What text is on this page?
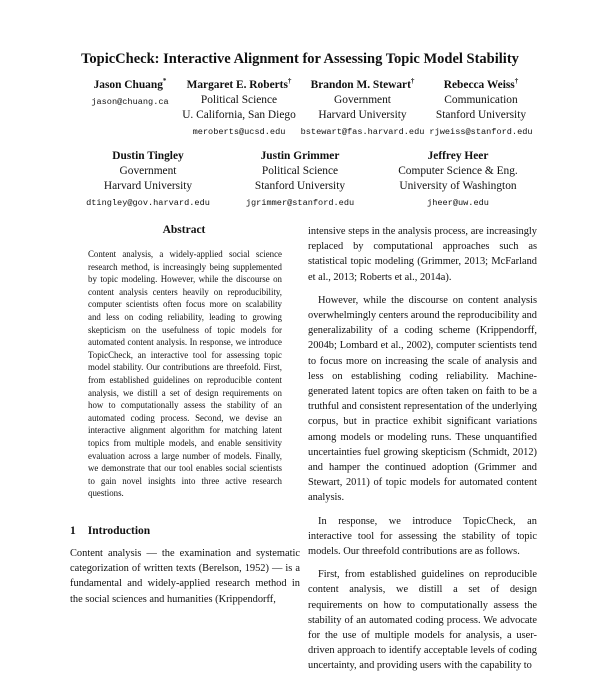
TopicCheck: Interactive Alignment for Assessing Topic Model Stability
Jason Chuang*
jason@chuang.ca
Margaret E. Roberts†
Political Science
U. California, San Diego
meroberts@ucsd.edu
Brandon M. Stewart†
Government
Harvard University
bstewart@fas.harvard.edu
Rebecca Weiss†
Communication
Stanford University
rjweiss@stanford.edu
Dustin Tingley
Government
Harvard University
dtingley@gov.harvard.edu
Justin Grimmer
Political Science
Stanford University
jgrimmer@stanford.edu
Jeffrey Heer
Computer Science & Eng.
University of Washington
jheer@uw.edu
Abstract
Content analysis, a widely-applied social science research method, is increasingly being supplemented by topic modeling. However, while the discourse on content analysis centers heavily on reproducibility, computer scientists often focus more on scalability and less on coding reliability, leading to growing skepticism on the usefulness of topic models for automated content analysis. In response, we introduce TopicCheck, an interactive tool for assessing topic model stability. Our contributions are threefold. First, from established guidelines on reproducible content analysis, we distill a set of design requirements on how to computationally assess the stability of an automated coding process. Second, we devise an interactive alignment algorithm for matching latent topics from multiple models, and enable sensitivity evaluation across a large number of models. Finally, we demonstrate that our tool enables social scientists to gain novel insights into three active research questions.
1 Introduction
Content analysis — the examination and systematic categorization of written texts (Berelson, 1952) — is a fundamental and widely-applied research method in the social sciences and humanities (Krippendorff,

intensive steps in the analysis process, are increasingly replaced by computational approaches such as statistical topic modeling (Grimmer, 2013; McFarland et al., 2013; Roberts et al., 2014a).

However, while the discourse on content analysis overwhelmingly centers around the reproducibility and generalizability of a coding scheme (Krippendorff, 2004b; Lombard et al., 2002), computer scientists tend to focus more on increasing the scale of analysis and less on establishing coding reliability. Machine-generated latent topics are often taken on faith to be a truthful and consistent representation of the underlying corpus, but in practice exhibit significant variations among models or modeling runs. These unquantified uncertainties fuel growing skepticism (Schmidt, 2012) and hamper the continued adoption (Grimmer and Stewart, 2011) of topic models for automated content analysis.

In response, we introduce TopicCheck, an interactive tool for assessing the stability of topic models. Our threefold contributions are as follows.

First, from established guidelines on reproducible content analysis, we distill a set of design requirements on how to computationally assess the stability of an automated coding process. We advocate for the use of multiple models for analysis, a user-driven approach to identify acceptable levels of coding uncertainty, and providing users with the capability to
